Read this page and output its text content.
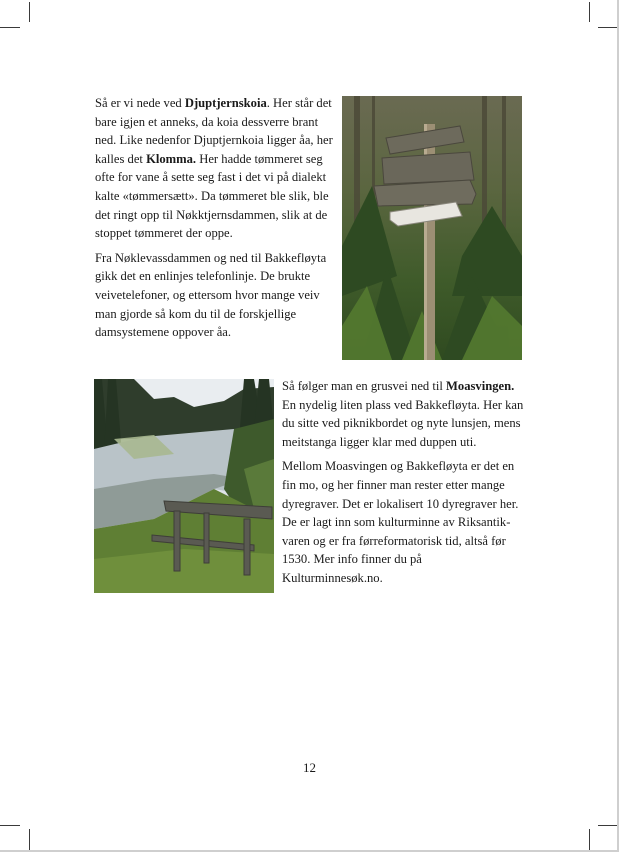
Så er vi nede ved Djuptjernskoia. Her står det bare igjen et anneks, da koia dessverre brant ned. Like nedenfor Djuptjernkoia ligger åa, her kalles det Klomma. Her hadde tømmeret seg ofte for vane å sette seg fast i det vi på dialekt kalte «tømmersætt». Da tømmeret ble slik, ble det ringt opp til Nøkktjernsdammen, slik at de stoppet tømmeret der oppe.

Fra Nøklevassdammen og ned til Bakkefløyta gikk det en enlinjes telefonlinje. De brukte veivetelefoner, og ettersom hvor mange veiv man gjorde så kom du til de forskjellige damsystemene oppover åa.

Så følger man en grusvei ned til Moasvingen. En nydelig liten plass ved Bakkefløyta. Her kan du sitte ved piknikbordet og nyte lunsjen, mens meitstanga ligger klar med duppen uti.

Mellom Moasvingen og Bakkefløyta er det en fin mo, og her finner man rester etter mange dyregraver. Det er lokalisert 10 dyregraver her. De er lagt inn som kulturminne av Riksantik-varen og er fra førreformatorisk tid, altså før 1530. Mer info finner du på Kulturminnesøk.no.

12
